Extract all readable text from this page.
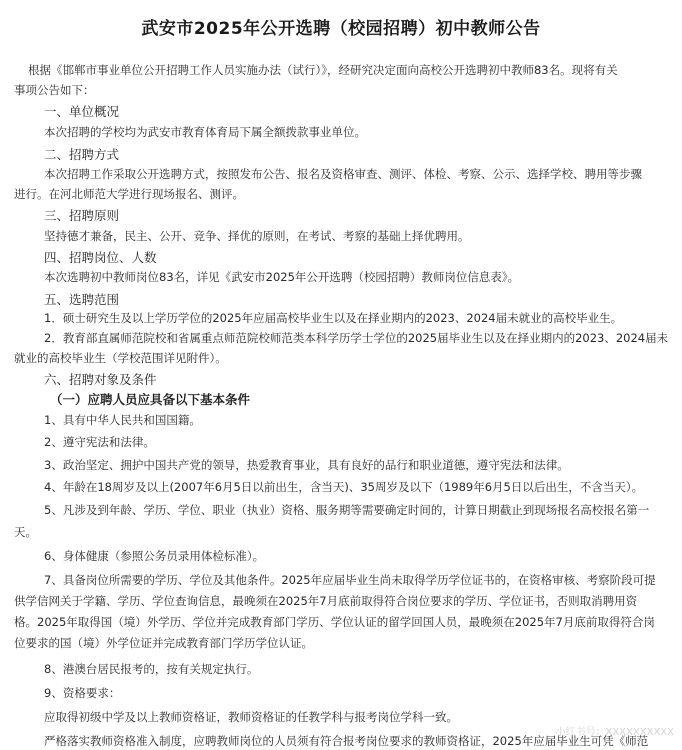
武安市2025年公开选聘（校园招聘）初中教师公告
根据《邯郸市事业单位公开招聘工作人员实施办法（试行）》，经研究决定面向高校公开选聘初中教师83名。现将有关
事项公告如下：
一、单位概况
本次招聘的学校均为武安市教育体育局下属全额拨款事业单位。
二、招聘方式
本次招聘工作采取公开选聘方式，按照发布公告、报名及资格审查、测评、体检、考察、公示、选择学校、聘用等步骤
进行。在河北师范大学进行现场报名、测评。
三、招聘原则
坚持德才兼备，民主、公开、竞争、择优的原则，在考试、考察的基础上择优聘用。
四、招聘岗位、人数
本次选聘初中教师岗位83名，详见《武安市2025年公开选聘（校园招聘）教师岗位信息表》。
五、选聘范围
1．硕士研究生及以上学历学位的2025年应届高校毕业生以及在择业期内的2023、2024届未就业的高校毕业生。
2．教育部直属师范院校和省属重点师范院校师范类本科学历学士学位的2025届毕业生以及在择业期内的2023、2024届未
就业的高校毕业生（学校范围详见附件）。
六、招聘对象及条件
（一）应聘人员应具备以下基本条件
1、具有中华人民共和国国籍。
2、遵守宪法和法律。
3、政治坚定、拥护中国共产党的领导，热爱教育事业，具有良好的品行和职业道德，遵守宪法和法律。
4、年龄在18周岁及以上(2007年6月5日以前出生，含当天)、35周岁及以下（1989年6月5日以后出生，不含当天）。
5、凡涉及到年龄、学历、学位、职业（执业）资格、服务期等需要确定时间的，计算日期截止到现场报名高校报名第一
天。
6、身体健康（参照公务员录用体检标准）。
7、具备岗位所需要的学历、学位及其他条件。2025年应届毕业生尚未取得学历学位证书的，在资格审核、考察阶段可提
供学信网关于学籍、学历、学位查询信息，最晚须在2025年7月底前取得符合岗位要求的学历、学位证书，否则取消聘用资
格。2025年取得国（境）外学历、学位并完成教育部门学历、学位认证的留学回国人员，最晚须在2025年7月底前取得符合岗
位要求的国（境）外学位证并完成教育部门学历学位认证。
8、港澳台居民报考的，按有关规定执行。
9、资格要求：
应取得初级中学及以上教师资格证，教师资格证的任教学科与报考岗位学科一致。
严格落实教师资格准入制度，应聘教师岗位的人员须有符合报考岗位要求的教师资格证，2025年应届毕业生可凭《师范
小红书号：XXXXXXXXXX
